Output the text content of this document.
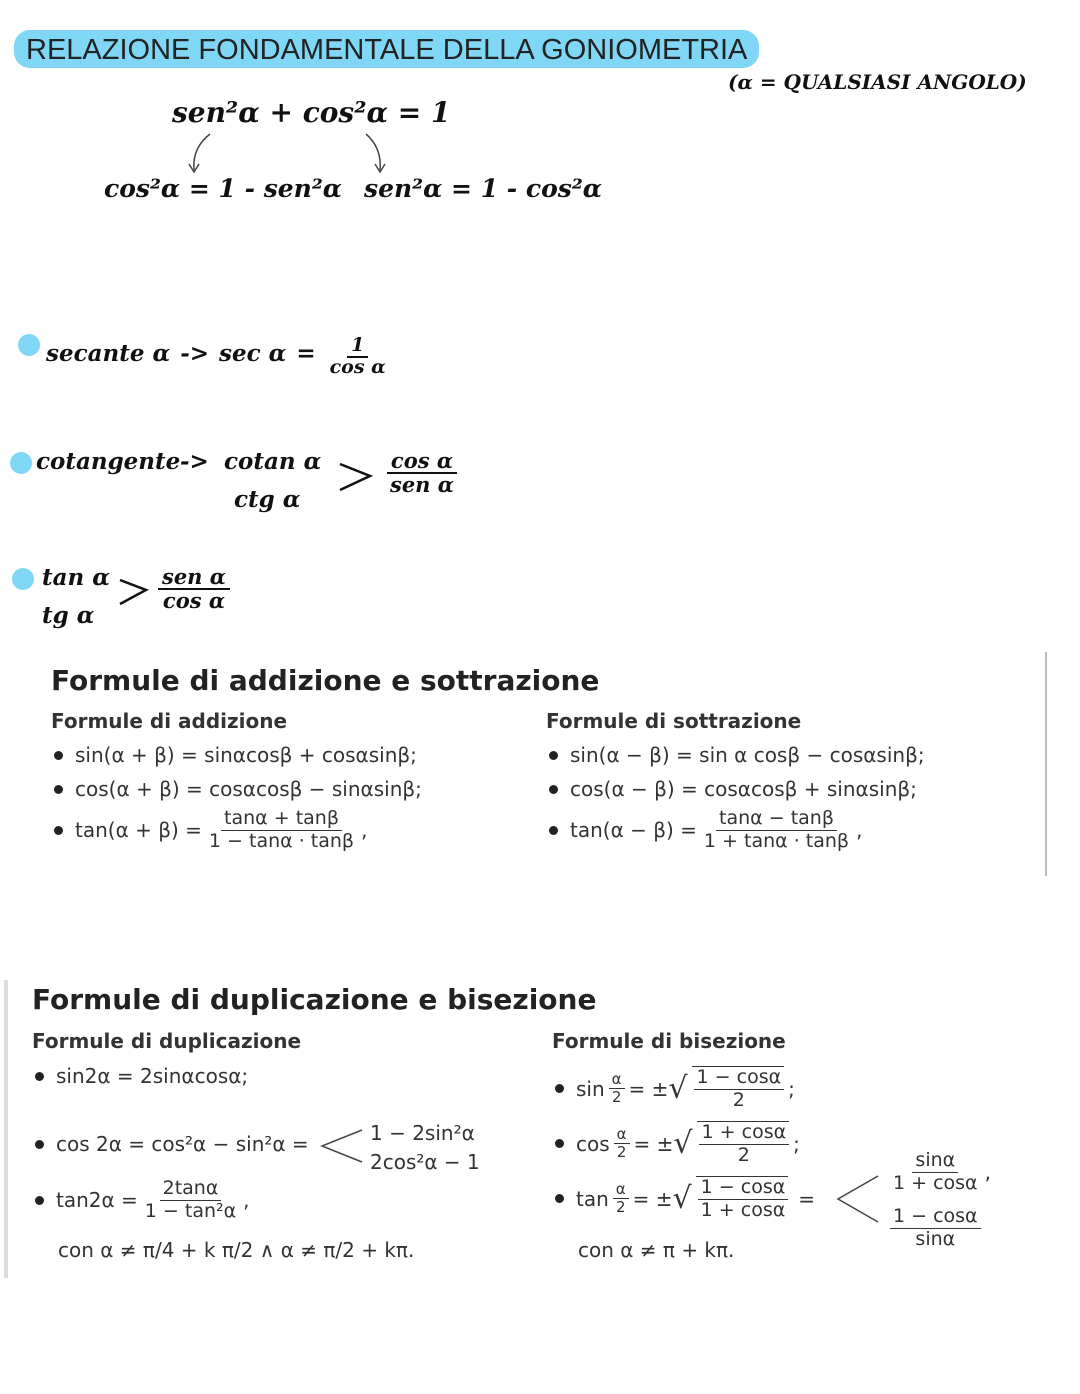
RELAZIONE FONDAMENTALE DELLA GONIOMETRIA
(α = QUALSIASI ANGOLO)
sen²α + cos²α = 1
cos²α = 1 - sen²α sen²α = 1 - cos²α
secante $\alpha -> \sec \alpha = \frac{1}{\text{cos α}}$
cotangente -> cotan α
ctg α
cos α
sen α
tan α
tg α
sen α
cos α
Formule di addizione e sottrazione
Formule di addizione
sin(α + β) = sinαcosβ + cosαsinβ;
cos(α + β) = cosαcosβ − sinαsinβ;
$\tan(\alpha + \beta) = \frac{\tan\alpha + \tan\beta}{1 - \tan\alpha \cdot \tan\beta}$ ,
Formule di sottrazione
sin(α − β) = sin α cosβ − cosαsinβ;
cos(α − β) = cosαcosβ + sinαsinβ;
$\tan(\alpha - \beta) = \frac{\tan\alpha - \tan\beta}{1 + \tan\alpha \cdot \tan\beta}$ ,
Formule di duplicazione e bisezione
Formule di duplicazione
sin2α = 2sinαcosα;
cos 2α = cos²α − sin²α =	1 − 2sin²α
2cos²α − 1
$\tan 2\alpha = \frac{2\tan\alpha}{\text{1 − tan²α}}$ ,
con α ≠ π/4 + k π/2 ∧ α ≠ π/2 + kπ.
Formule di bisezione
$\sin \frac{\alpha}{2}$ = ± √ $\frac{1 - \cos\alpha}{2}$ ;
$\cos \frac{\alpha}{2}$ = ± √ $\frac{1 + \cos\alpha}{2}$ ;
$\tan \frac{\alpha}{2}$ = ± √ $\frac{1 - \cos\alpha}{1 + \cos\alpha}$ =
$\frac{\sin\alpha}{1 + \cos\alpha}$ ,
$\frac{1 - \cos\alpha}{\sin\alpha}$
con α ≠ π + kπ.
